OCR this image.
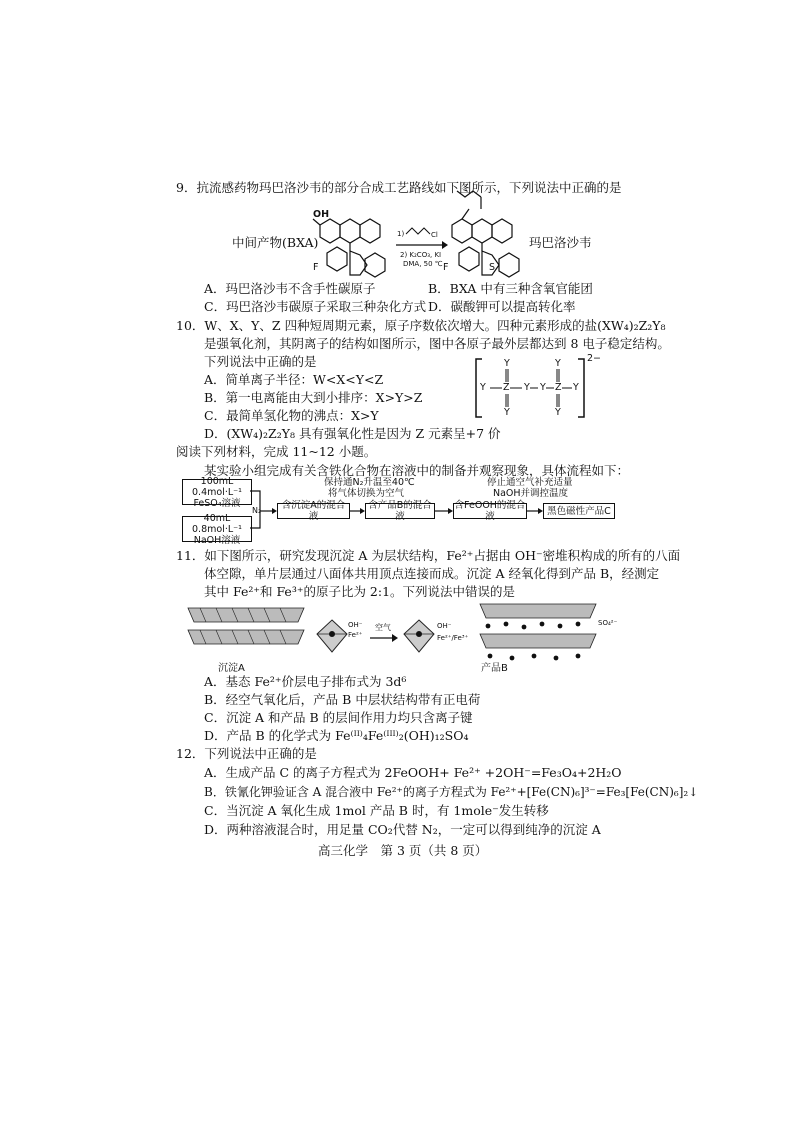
9．抗流感药物玛巴洛沙韦的部分合成工艺路线如下图所示，下列说法中正确的是
中间产物(BXA)
OH
F
1)	Cl
2) K₂CO₃, KI
DMA, 50 ℃ F	S
玛巴洛沙韦
A．玛巴洛沙韦不含手性碳原子	B．BXA 中有三种含氧官能团
C．玛巴洛沙韦碳原子采取三种杂化方式 D．碳酸钾可以提高转化率
10．W、X、Y、Z 四种短周期元素，原子序数依次增大。四种元素形成的盐(XW₄)₂Z₂Y₈
是强氧化剂，其阴离子的结构如图所示，图中各原子最外层都达到 8 电子稳定结构。
下列说法中正确的是
A．简单离子半径：W<X<Y<Z
B．第一电离能由大到小排序：X>Y>Z
C．最简单氢化物的沸点：X>Y
D．(XW₄)₂Z₂Y₈ 具有强氧化性是因为 Z 元素呈+7 价
Y Z
Y
Y
Y Y Z
Y
Y
Y
2−
阅读下列材料，完成 11~12 小题。
某实验小组完成有关含铁化合物在溶液中的制备并观察现象，具体流程如下：
100mL 0.4mol·L⁻¹
FeSO₄溶液
40mL 0.8mol·L⁻¹
NaOH溶液
N₂	含沉淀A的混合液
含产品B的混合液
含FeOOH的混合液	黑色磁性产品C
保持通N₂升温至40℃
将气体切换为空气
停止通空气补充适量
NaOH并调控温度
11．如下图所示，研究发现沉淀 A 为层状结构，Fe²⁺占据由 OH⁻密堆积构成的所有的八面
体空隙，单片层通过八面体共用顶点连接而成。沉淀 A 经氧化得到产品 B，经测定
其中 Fe²⁺和 Fe³⁺的原子比为 2:1。下列说法中错误的是
沉淀A
OH⁻
Fe²⁺
空气	OH⁻
Fe²⁺/Fe³⁺
SO₄²⁻
产品B
A．基态 Fe²⁺价层电子排布式为 3d⁶
B．经空气氧化后，产品 B 中层状结构带有正电荷
C．沉淀 A 和产品 B 的层间作用力均只含离子键
D．产品 B 的化学式为 Fe⁽ᴵᴵ⁾₄Fe⁽ᴵᴵᴵ⁾₂(OH)₁₂SO₄
12．下列说法中正确的是
A．生成产品 C 的离子方程式为 2FeOOH+ Fe²⁺ +2OH⁻=Fe₃O₄+2H₂O
B．铁氰化钾验证含 A 混合液中 Fe²⁺的离子方程式为 Fe²⁺+[Fe(CN)₆]³⁻=Fe₃[Fe(CN)₆]₂↓
C．当沉淀 A 氧化生成 1mol 产品 B 时，有 1mole⁻发生转移
D．两种溶液混合时，用足量 CO₂代替 N₂，一定可以得到纯净的沉淀 A
高三化学　第 3 页（共 8 页）
